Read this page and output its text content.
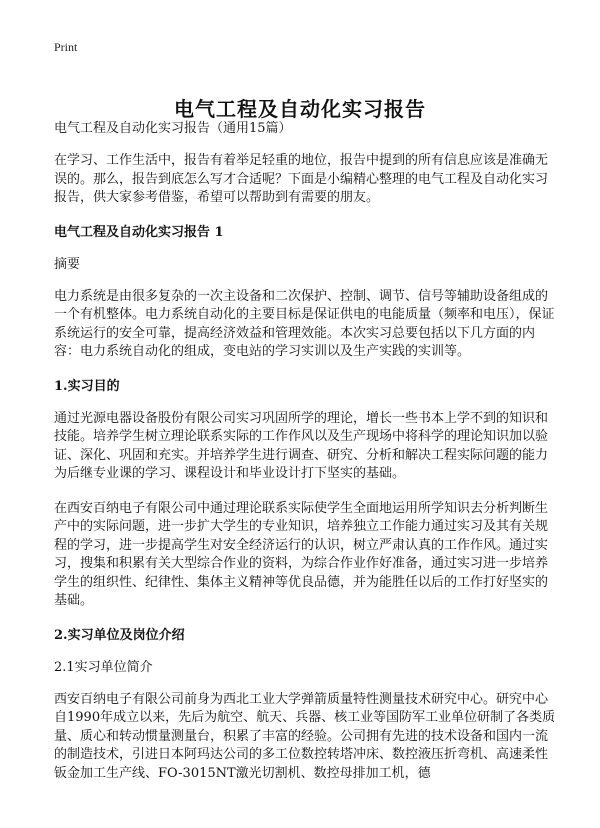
Print
电气工程及自动化实习报告

电气工程及自动化实习报告（通用15篇）

在学习、工作生活中，报告有着举足轻重的地位，报告中提到的所有信息应该是准确无误的。那么，报告到底怎么写才合适呢？下面是小编精心整理的电气工程及自动化实习报告，供大家参考借鉴，希望可以帮助到有需要的朋友。

电气工程及自动化实习报告 1

摘要

电力系统是由很多复杂的一次主设备和二次保护、控制、调节、信号等辅助设备组成的一个有机整体。电力系统自动化的主要目标是保证供电的电能质量（频率和电压），保证系统运行的安全可靠，提高经济效益和管理效能。本次实习总要包括以下几方面的内容：电力系统自动化的组成，变电站的学习实训以及生产实践的实训等。

1.实习目的

通过光源电器设备股份有限公司实习巩固所学的理论，增长一些书本上学不到的知识和技能。培养学生树立理论联系实际的工作作风以及生产现场中将科学的理论知识加以验证、深化、巩固和充实。并培养学生进行调查、研究、分析和解决工程实际问题的能力为后继专业课的学习、课程设计和毕业设计打下坚实的基础。

在西安百纳电子有限公司中通过理论联系实际使学生全面地运用所学知识去分析判断生产中的实际问题，进一步扩大学生的专业知识，培养独立工作能力通过实习及其有关规程的学习，进一步提高学生对安全经济运行的认识，树立严肃认真的工作作风。通过实习，搜集和积累有关大型综合作业的资料，为综合作业作好准备，通过实习进一步培养学生的组织性、纪律性、集体主义精神等优良品德，并为能胜任以后的工作打好坚实的基础。

2.实习单位及岗位介绍

2.1实习单位简介

西安百纳电子有限公司前身为西北工业大学弹箭质量特性测量技术研究中心。研究中心自1990年成立以来，先后为航空、航天、兵器、核工业等国防军工业单位研制了各类质量、质心和转动惯量测量台，积累了丰富的经验。公司拥有先进的技术设备和国内一流的制造技术，引进日本阿玛达公司的多工位数控转塔冲床、数控液压折弯机、高速柔性钣金加工生产线、FO-3015NT激光切割机、数控母排加工机，德
